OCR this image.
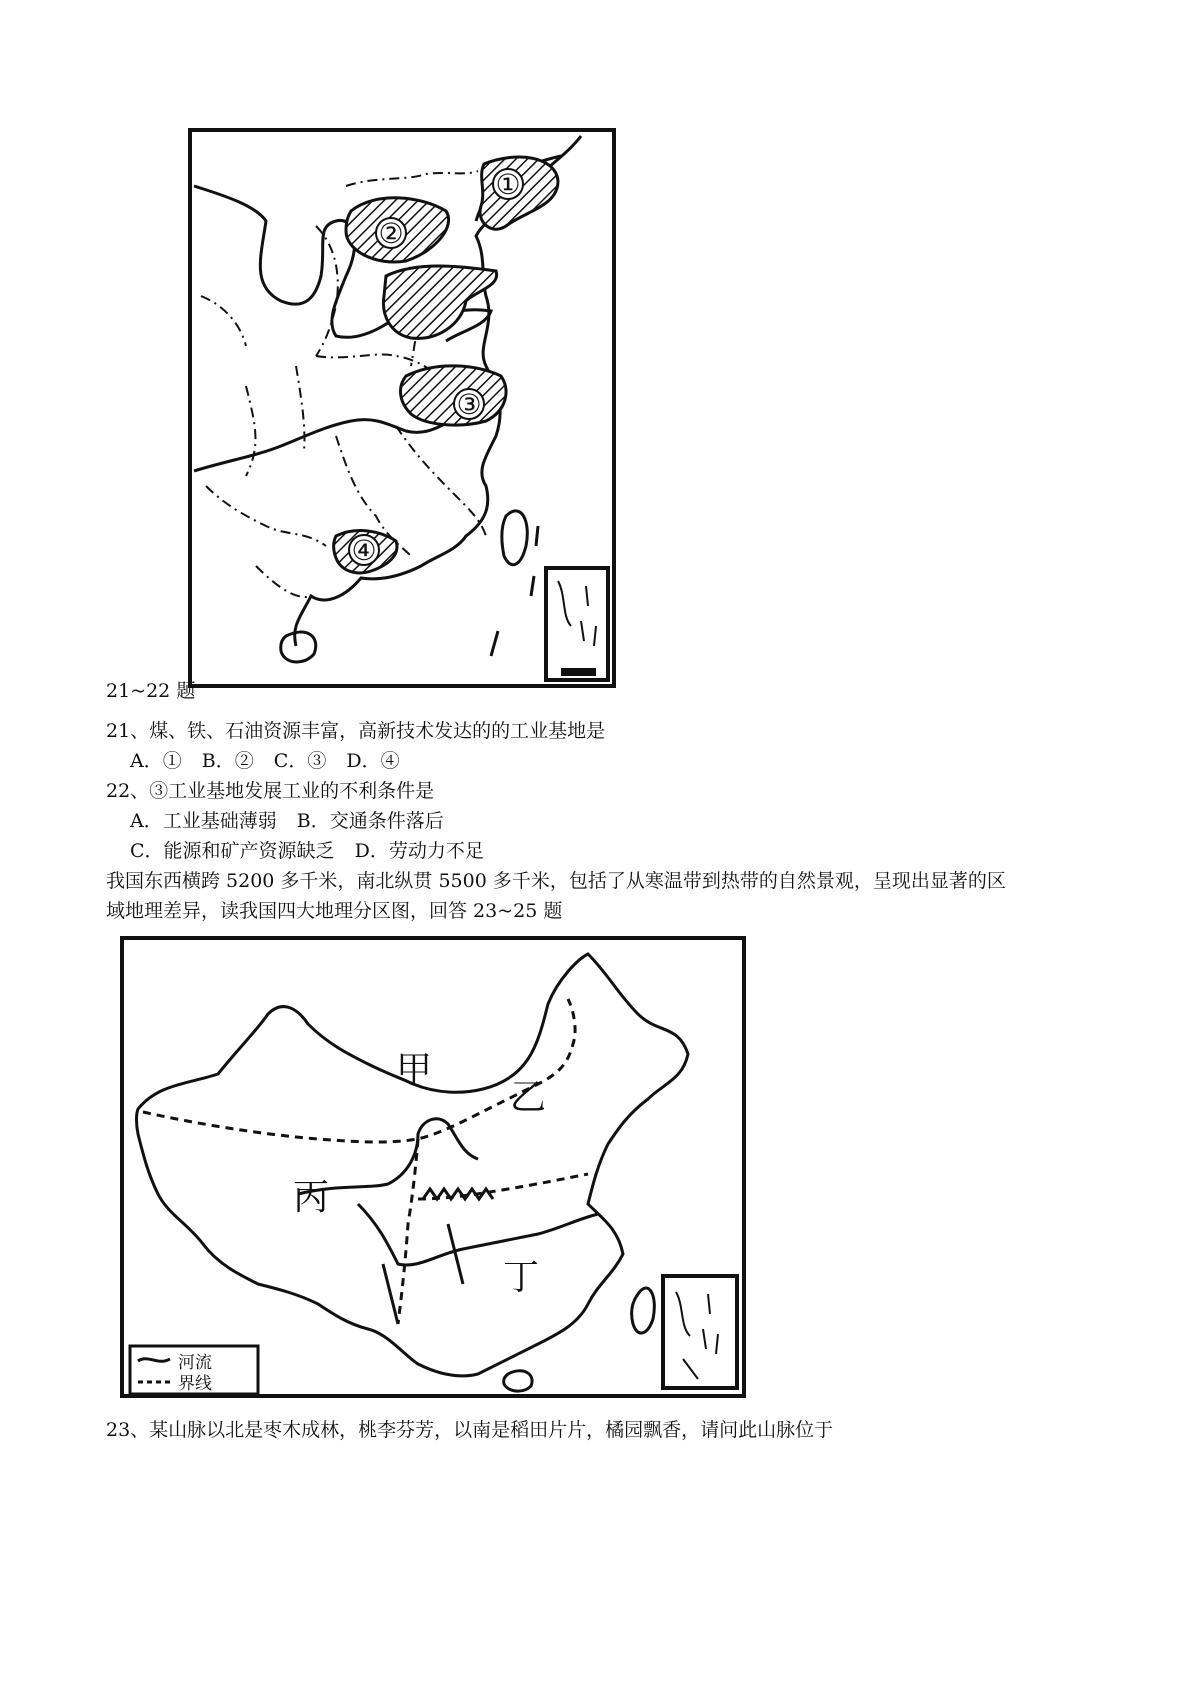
①
②
③
④
21~22 题
21、煤、铁、石油资源丰富，高新技术发达的的工业基地是
A．① B．② C．③ D．④
22、③工业基地发展工业的不利条件是
A．工业基础薄弱 B．交通条件落后
C．能源和矿产资源缺乏 D．劳动力不足
我国东西横跨 5200 多千米，南北纵贯 5500 多千米，包括了从寒温带到热带的自然景观，呈现出显著的区
域地理差异，读我国四大地理分区图，回答 23~25 题
河流
界线
甲
乙
丙
丁
23、某山脉以北是枣木成林，桃李芬芳，以南是稻田片片，橘园飘香，请问此山脉位于
